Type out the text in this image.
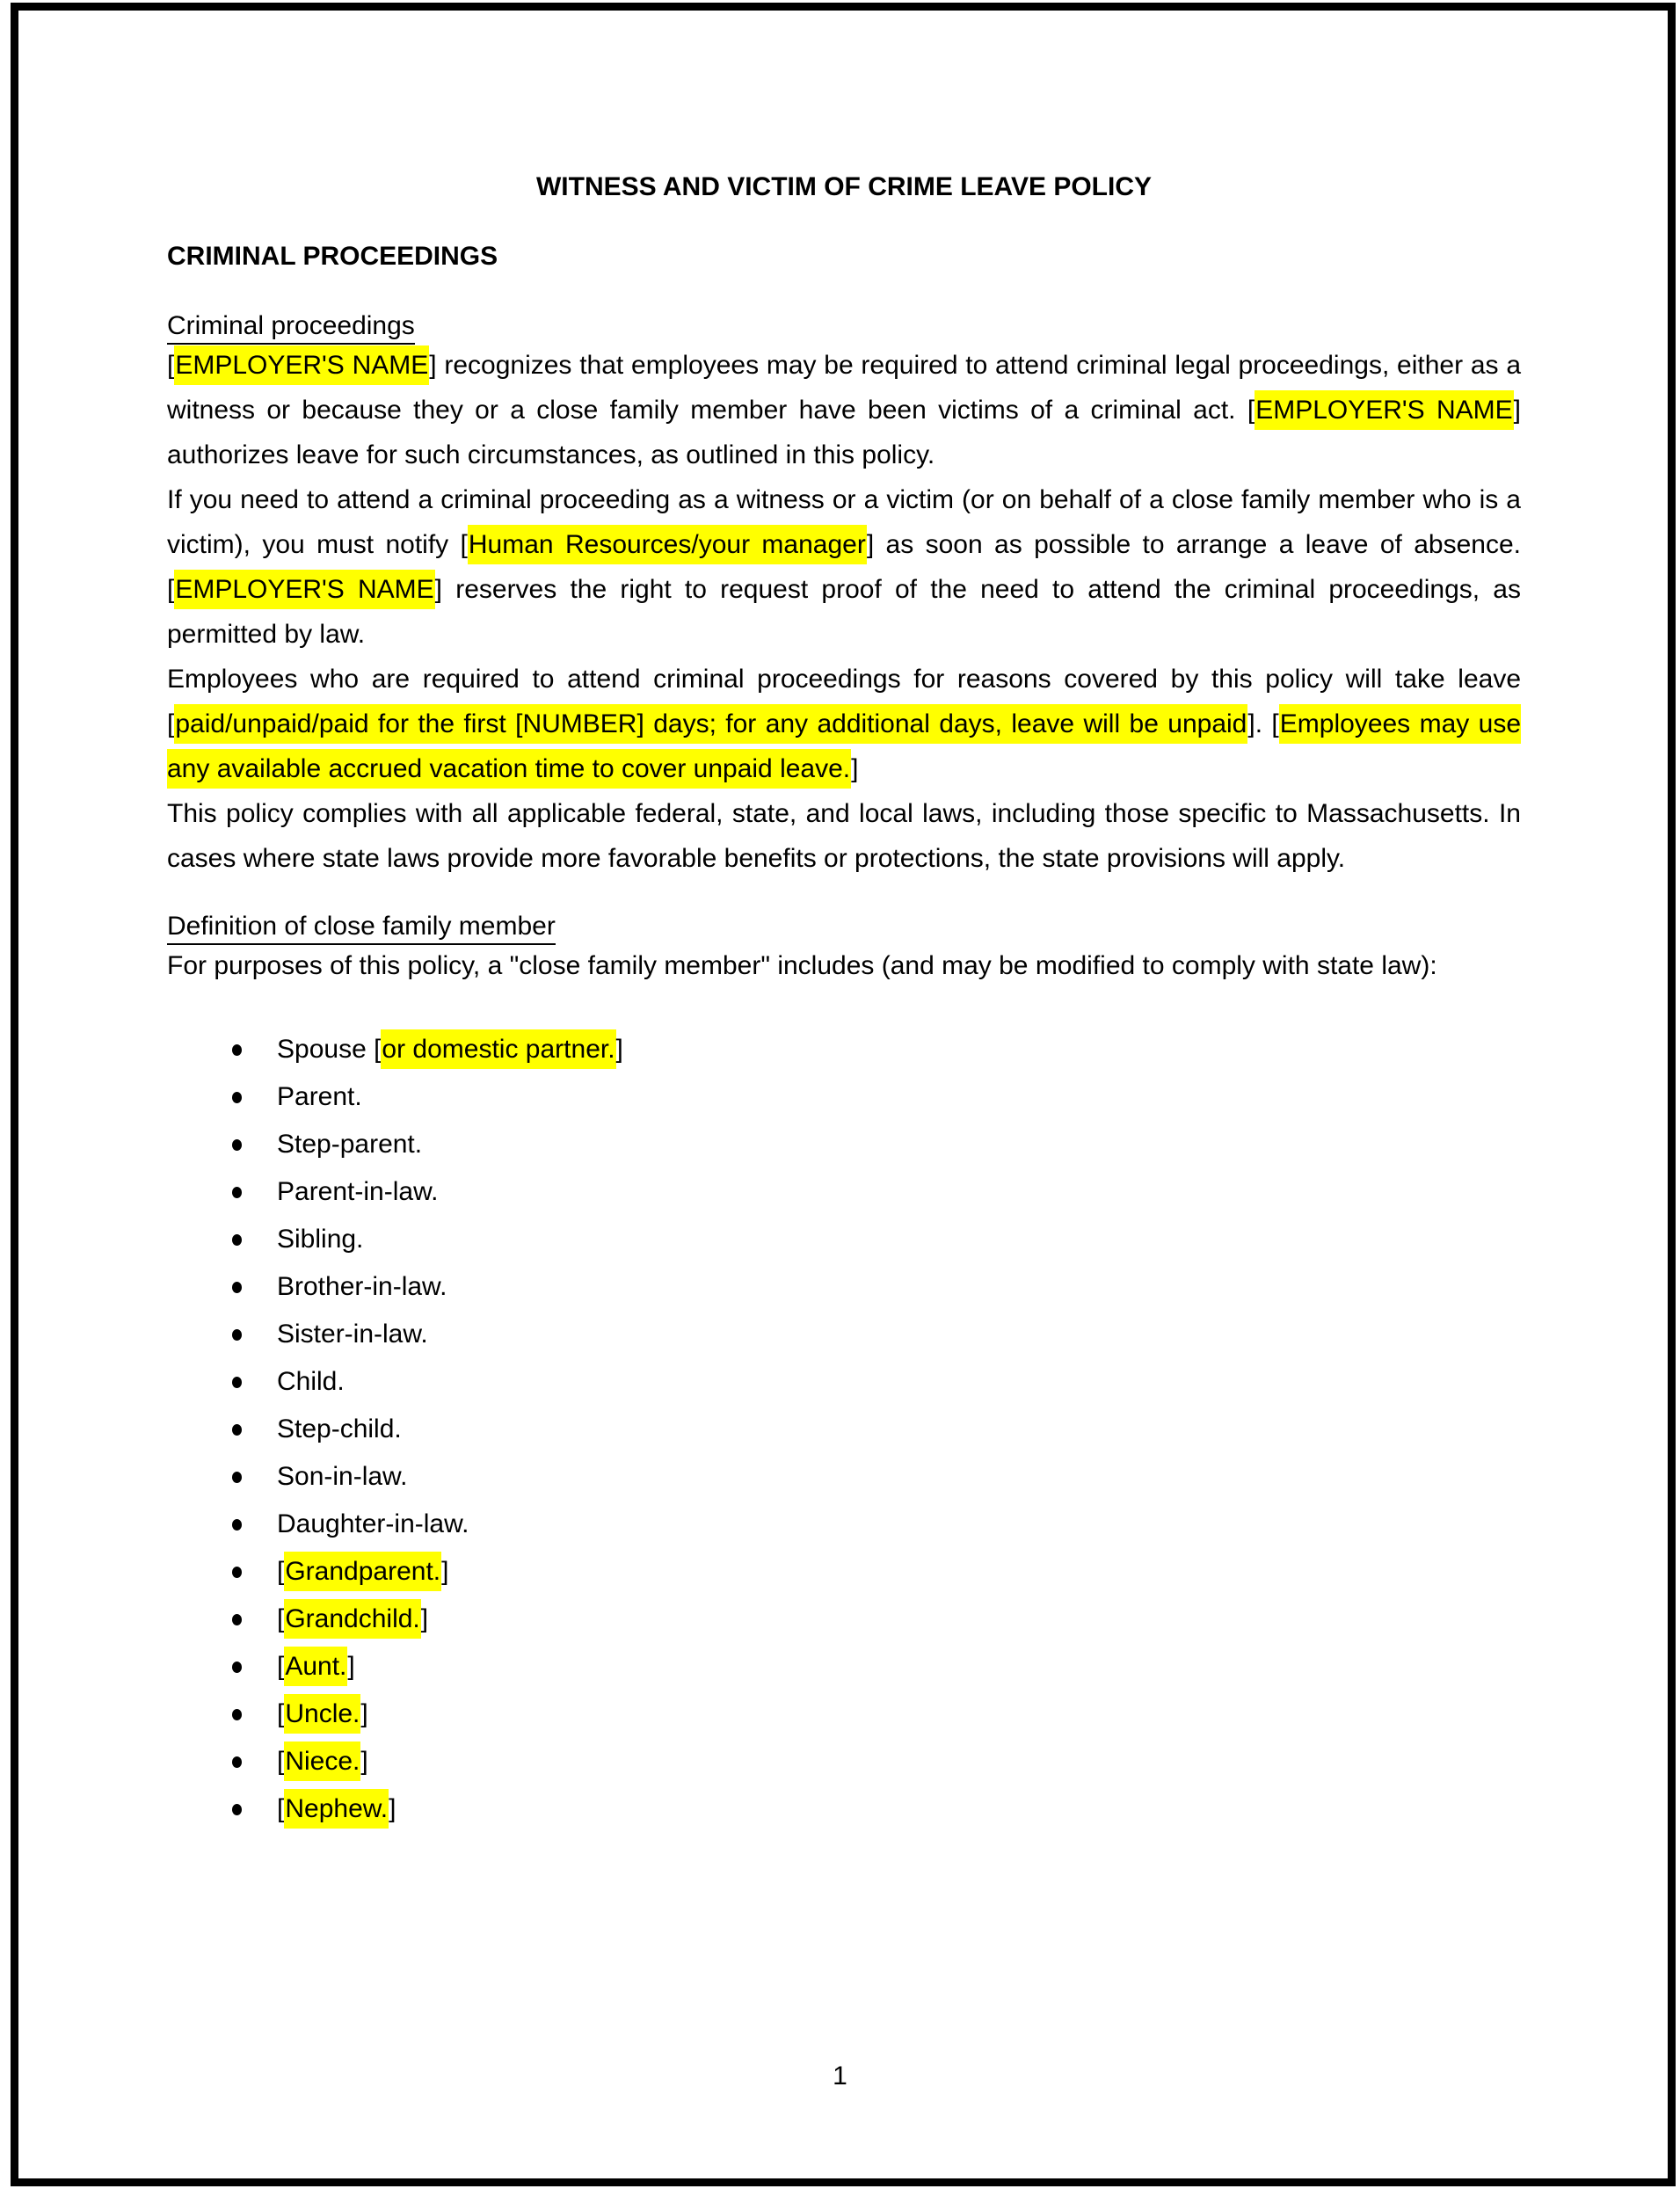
WITNESS AND VICTIM OF CRIME LEAVE POLICY
CRIMINAL PROCEEDINGS
Criminal proceedings

[EMPLOYER'S NAME] recognizes that employees may be required to attend criminal legal proceedings, either as a witness or because they or a close family member have been victims of a criminal act. [EMPLOYER'S NAME] authorizes leave for such circumstances, as outlined in this policy.

If you need to attend a criminal proceeding as a witness or a victim (or on behalf of a close family member who is a victim), you must notify [Human Resources/your manager] as soon as possible to arrange a leave of absence. [EMPLOYER'S NAME] reserves the right to request proof of the need to attend the criminal proceedings, as permitted by law.

Employees who are required to attend criminal proceedings for reasons covered by this policy will take leave [paid/unpaid/paid for the first [NUMBER] days; for any additional days, leave will be unpaid]. [Employees may use any available accrued vacation time to cover unpaid leave.]

This policy complies with all applicable federal, state, and local laws, including those specific to Massachusetts. In cases where state laws provide more favorable benefits or protections, the state provisions will apply.

Definition of close family member

For purposes of this policy, a "close family member" includes (and may be modified to comply with state law):

Spouse [or domestic partner.]
Parent.
Step-parent.
Parent-in-law.
Sibling.
Brother-in-law.
Sister-in-law.
Child.
Step-child.
Son-in-law.
Daughter-in-law.
[Grandparent.]
[Grandchild.]
[Aunt.]
[Uncle.]
[Niece.]
[Nephew.]
1
